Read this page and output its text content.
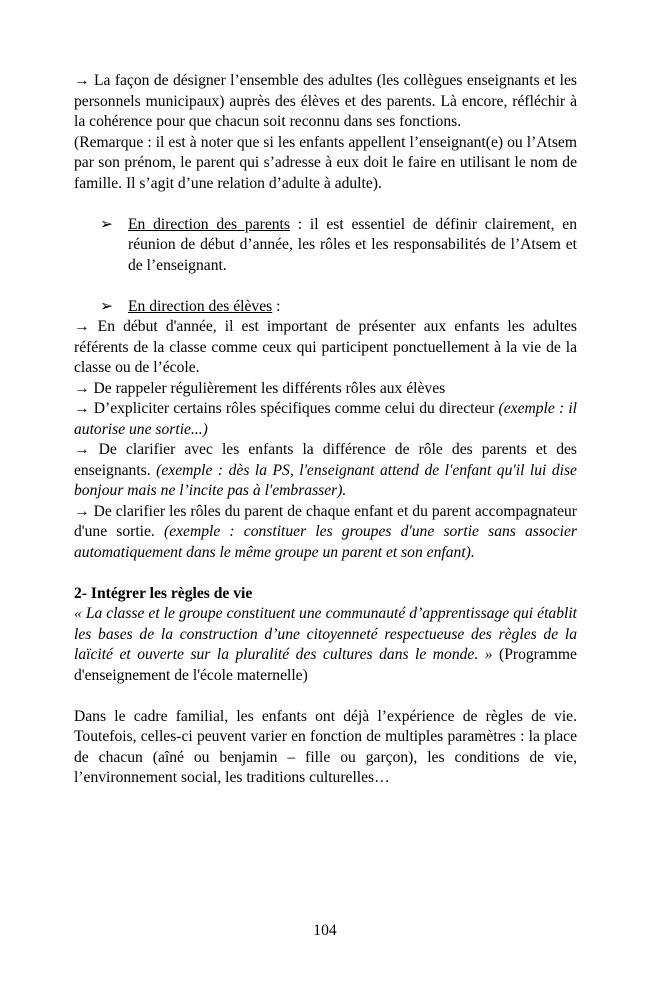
→ La façon de désigner l’ensemble des adultes (les collègues enseignants et les personnels municipaux) auprès des élèves et des parents. Là encore, réfléchir à la cohérence pour que chacun soit reconnu dans ses fonctions.

(Remarque : il est à noter que si les enfants appellent l’enseignant(e) ou l’Atsem par son prénom, le parent qui s’adresse à eux doit le faire en utilisant le nom de famille. Il s’agit d’une relation d’adulte à adulte).

➢ En direction des parents : il est essentiel de définir clairement, en réunion de début d’année, les rôles et les responsabilités de l’Atsem et de l’enseignant.

➢ En direction des élèves :

→ En début d'année, il est important de présenter aux enfants les adultes référents de la classe comme ceux qui participent ponctuellement à la vie de la classe ou de l’école.

→ De rappeler régulièrement les différents rôles aux élèves

→ D’expliciter certains rôles spécifiques comme celui du directeur (exemple : il autorise une sortie...)

→ De clarifier avec les enfants la différence de rôle des parents et des enseignants. (exemple : dès la PS, l'enseignant attend de l'enfant qu'il lui dise bonjour mais ne l’incite pas à l'embrasser).

→ De clarifier les rôles du parent de chaque enfant et du parent accompagnateur d'une sortie. (exemple : constituer les groupes d'une sortie sans associer automatiquement dans le même groupe un parent et son enfant).

2- Intégrer les règles de vie

« La classe et le groupe constituent une communauté d’apprentissage qui établit les bases de la construction d’une citoyenneté respectueuse des règles de la laïcité et ouverte sur la pluralité des cultures dans le monde. » (Programme d'enseignement de l'école maternelle)

Dans le cadre familial, les enfants ont déjà l’expérience de règles de vie. Toutefois, celles-ci peuvent varier en fonction de multiples paramètres : la place de chacun (aîné ou benjamin – fille ou garçon), les conditions de vie, l’environnement social, les traditions culturelles…

104
